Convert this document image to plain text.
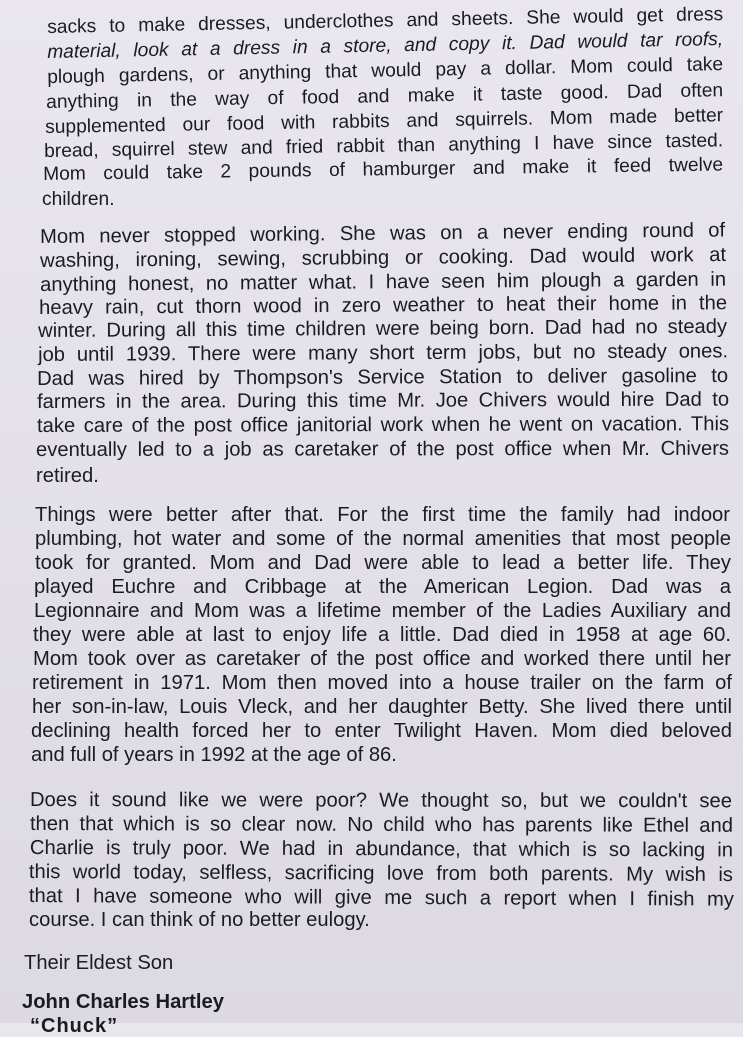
sacks to make dresses, underclothes and sheets. She would get dress
material, look at a dress in a store, and copy it. Dad would tar roofs,
plough gardens, or anything that would pay a dollar. Mom could take
anything in the way of food and make it taste good. Dad often
supplemented our food with rabbits and squirrels. Mom made better
bread, squirrel stew and fried rabbit than anything I have since tasted.
Mom could take 2 pounds of hamburger and make it feed twelve
children.
Mom never stopped working. She was on a never ending round of
washing, ironing, sewing, scrubbing or cooking. Dad would work at
anything honest, no matter what. I have seen him plough a garden in
heavy rain, cut thorn wood in zero weather to heat their home in the
winter. During all this time children were being born. Dad had no steady
job until 1939. There were many short term jobs, but no steady ones.
Dad was hired by Thompson's Service Station to deliver gasoline to
farmers in the area. During this time Mr. Joe Chivers would hire Dad to
take care of the post office janitorial work when he went on vacation. This
eventually led to a job as caretaker of the post office when Mr. Chivers
retired.
Things were better after that. For the first time the family had indoor
plumbing, hot water and some of the normal amenities that most people
took for granted. Mom and Dad were able to lead a better life. They
played Euchre and Cribbage at the American Legion. Dad was a
Legionnaire and Mom was a lifetime member of the Ladies Auxiliary and
they were able at last to enjoy life a little. Dad died in 1958 at age 60.
Mom took over as caretaker of the post office and worked there until her
retirement in 1971. Mom then moved into a house trailer on the farm of
her son-in-law, Louis Vleck, and her daughter Betty. She lived there until
declining health forced her to enter Twilight Haven. Mom died beloved
and full of years in 1992 at the age of 86.
Does it sound like we were poor? We thought so, but we couldn't see
then that which is so clear now. No child who has parents like Ethel and
Charlie is truly poor. We had in abundance, that which is so lacking in
this world today, selfless, sacrificing love from both parents. My wish is
that I have someone who will give me such a report when I finish my
course. I can think of no better eulogy.
Their Eldest Son
John Charles Hartley
“Chuck”
